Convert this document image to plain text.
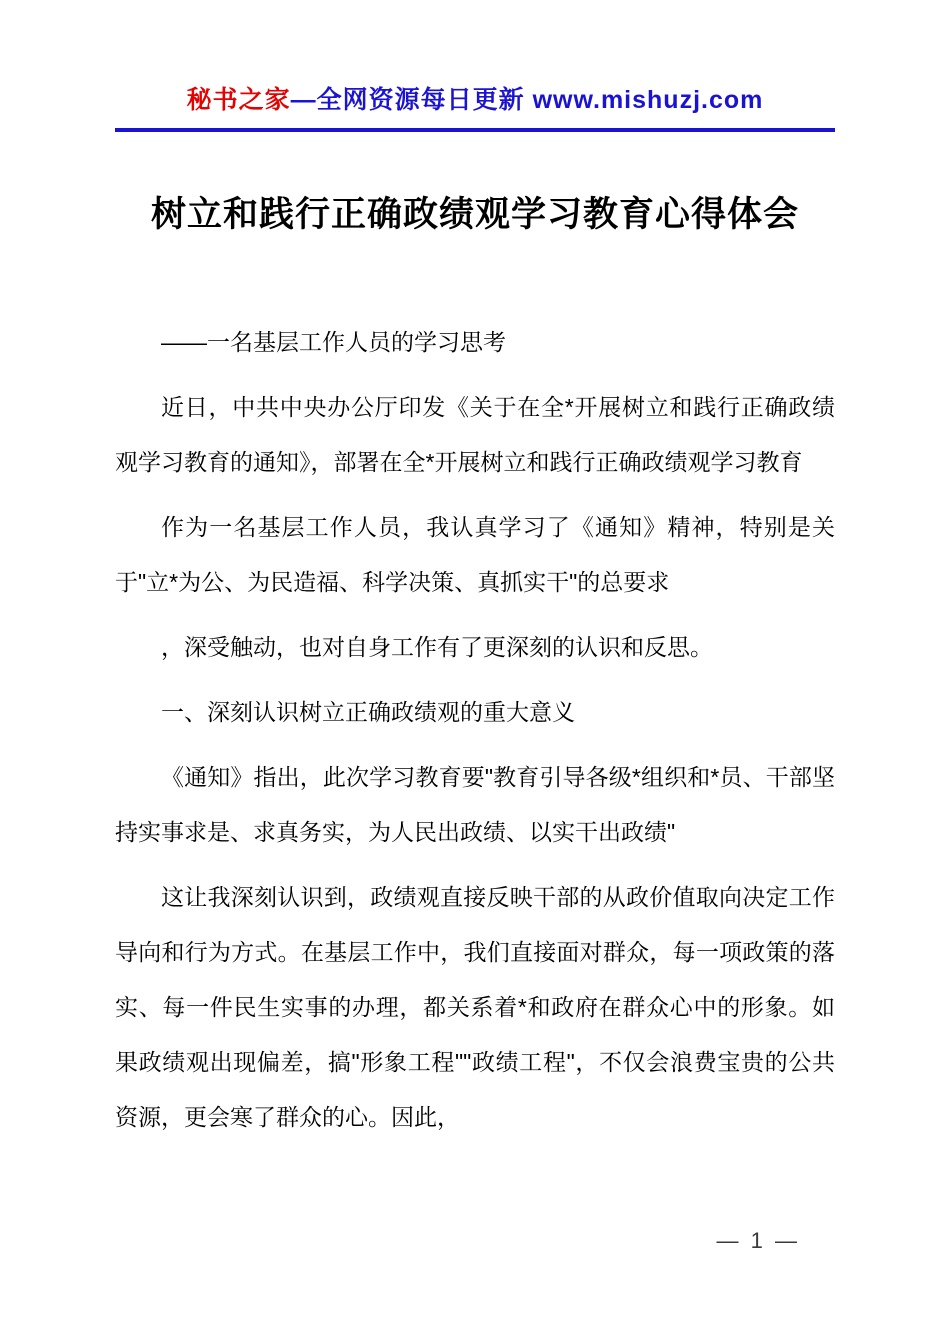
秘书之家—全网资源每日更新 www.mishuzj.com
树立和践行正确政绩观学习教育心得体会

——一名基层工作人员的学习思考

近日，中共中央办公厅印发《关于在全*开展树立和践行正确政绩观学习教育的通知》，部署在全*开展树立和践行正确政绩观学习教育

作为一名基层工作人员，我认真学习了《通知》精神，特别是关于"立*为公、为民造福、科学决策、真抓实干"的总要求

，深受触动，也对自身工作有了更深刻的认识和反思。

一、深刻认识树立正确政绩观的重大意义

《通知》指出，此次学习教育要"教育引导各级*组织和*员、干部坚持实事求是、求真务实，为人民出政绩、以实干出政绩"

这让我深刻认识到，政绩观直接反映干部的从政价值取向决定工作导向和行为方式。在基层工作中，我们直接面对群众，每一项政策的落实、每一件民生实事的办理，都关系着*和政府在群众心中的形象。如果政绩观出现偏差，搞"形象工程""政绩工程"，不仅会浪费宝贵的公共资源，更会寒了群众的心。因此，

— 1 —
